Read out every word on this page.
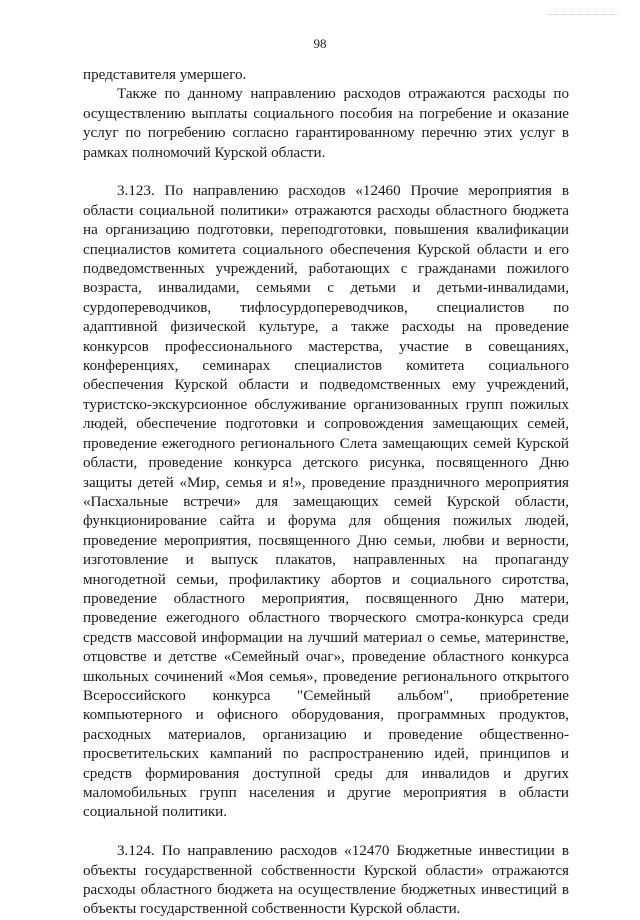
98

представителя умершего.

Также по данному направлению расходов отражаются расходы по осуществлению выплаты социального пособия на погребение и оказание услуг по погребению согласно гарантированному перечню этих услуг в рамках полномочий Курской области.

3.123. По направлению расходов «12460 Прочие мероприятия в области социальной политики» отражаются расходы областного бюджета на организацию подготовки, переподготовки, повышения квалификации специалистов комитета социального обеспечения Курской области и его подведомственных учреждений, работающих с гражданами пожилого возраста, инвалидами, семьями с детьми и детьми-инвалидами, сурдопереводчиков, тифлосурдопереводчиков, специалистов по адаптивной физической культуре, а также расходы на проведение конкурсов профессионального мастерства, участие в совещаниях, конференциях, семинарах специалистов комитета социального обеспечения Курской области и подведомственных ему учреждений, туристско-экскурсионное обслуживание организованных групп пожилых людей, обеспечение подготовки и сопровождения замещающих семей, проведение ежегодного регионального Слета замещающих семей Курской области, проведение конкурса детского рисунка, посвященного Дню защиты детей «Мир, семья и я!», проведение праздничного мероприятия «Пасхальные встречи» для замещающих семей Курской области, функционирование сайта и форума для общения пожилых людей, проведение мероприятия, посвященного Дню семьи, любви и верности, изготовление и выпуск плакатов, направленных на пропаганду многодетной семьи, профилактику абортов и социального сиротства, проведение областного мероприятия, посвященного Дню матери, проведение ежегодного областного творческого смотра-конкурса среди средств массовой информации на лучший материал о семье, материнстве, отцовстве и детстве «Семейный очаг», проведение областного конкурса школьных сочинений «Моя семья», проведение регионального открытого Всероссийского конкурса "Семейный альбом", приобретение компьютерного и офисного оборудования, программных продуктов, расходных материалов, организацию и проведение общественно-просветительских кампаний по распространению идей, принципов и средств формирования доступной среды для инвалидов и других маломобильных групп населения и другие мероприятия в области социальной политики.

3.124. По направлению расходов «12470 Бюджетные инвестиции в объекты государственной собственности Курской области» отражаются расходы областного бюджета на осуществление бюджетных инвестиций в объекты государственной собственности Курской области.
